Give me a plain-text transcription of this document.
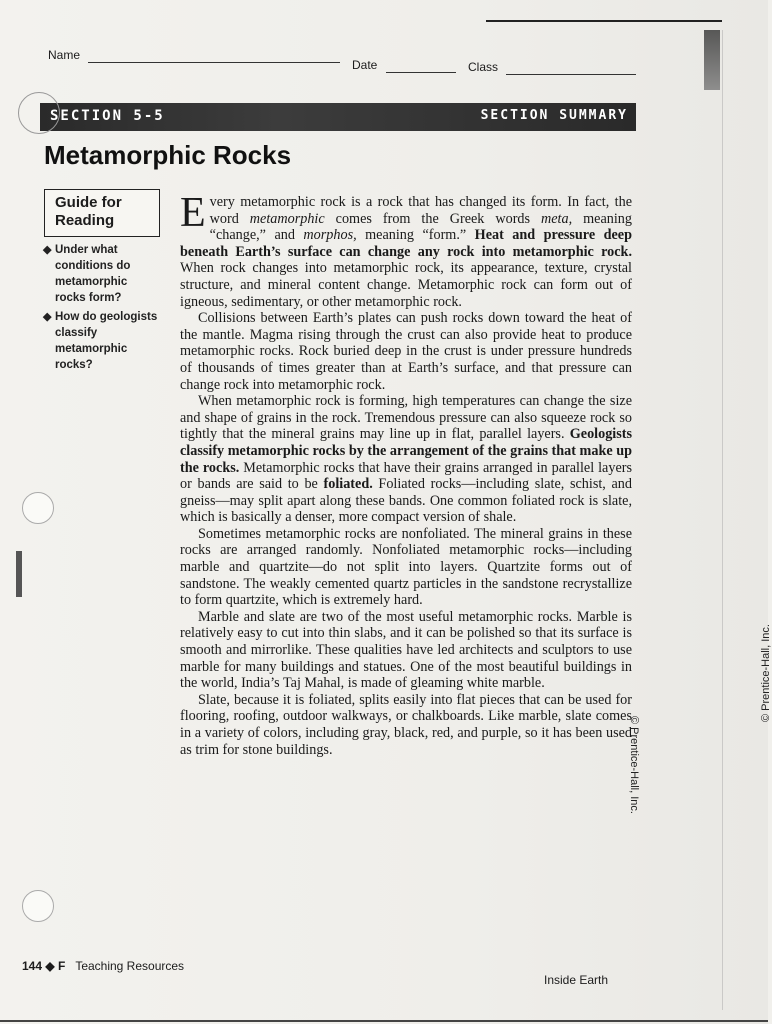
Name
Date	Class
SECTION 5-5	SECTION SUMMARY
Metamorphic Rocks
Guide for
Reading
◆ Under what conditions do metamorphic rocks form?
◆ How do geologists classify metamorphic rocks?

Every metamorphic rock is a rock that has changed its form. In fact, the word metamorphic comes from the Greek words meta, meaning “change,” and morphos, meaning “form.” Heat and pressure deep beneath Earth’s surface can change any rock into metamorphic rock. When rock changes into metamorphic rock, its appearance, texture, crystal structure, and mineral content change. Metamorphic rock can form out of igneous, sedimentary, or other metamorphic rock.

Collisions between Earth’s plates can push rocks down toward the heat of the mantle. Magma rising through the crust can also provide heat to produce metamorphic rocks. Rock buried deep in the crust is under pressure hundreds of thousands of times greater than at Earth’s surface, and that pressure can change rock into metamorphic rock.

When metamorphic rock is forming, high temperatures can change the size and shape of grains in the rock. Tremendous pressure can also squeeze rock so tightly that the mineral grains may line up in flat, parallel layers. Geologists classify metamorphic rocks by the arrangement of the grains that make up the rocks. Metamorphic rocks that have their grains arranged in parallel layers or bands are said to be foliated. Foliated rocks—including slate, schist, and gneiss—may split apart along these bands. One common foliated rock is slate, which is basically a denser, more compact version of shale.

Sometimes metamorphic rocks are nonfoliated. The mineral grains in these rocks are arranged randomly. Nonfoliated metamorphic rocks—including marble and quartzite—do not split into layers. Quartzite forms out of sandstone. The weakly cemented quartz particles in the sandstone recrystallize to form quartzite, which is extremely hard.

Marble and slate are two of the most useful metamorphic rocks. Marble is relatively easy to cut into thin slabs, and it can be polished so that its surface is smooth and mirrorlike. These qualities have led architects and sculptors to use marble for many buildings and statues. One of the most beautiful buildings in the world, India’s Taj Mahal, is made of gleaming white marble.

Slate, because it is foliated, splits easily into flat pieces that can be used for flooring, roofing, outdoor walkways, or chalkboards. Like marble, slate comes in a variety of colors, including gray, black, red, and purple, so it has been used as trim for stone buildings.	© Prentice-Hall, Inc.
© Prentice-Hall, Inc.
144 ◆ F Teaching Resources
Inside Earth
